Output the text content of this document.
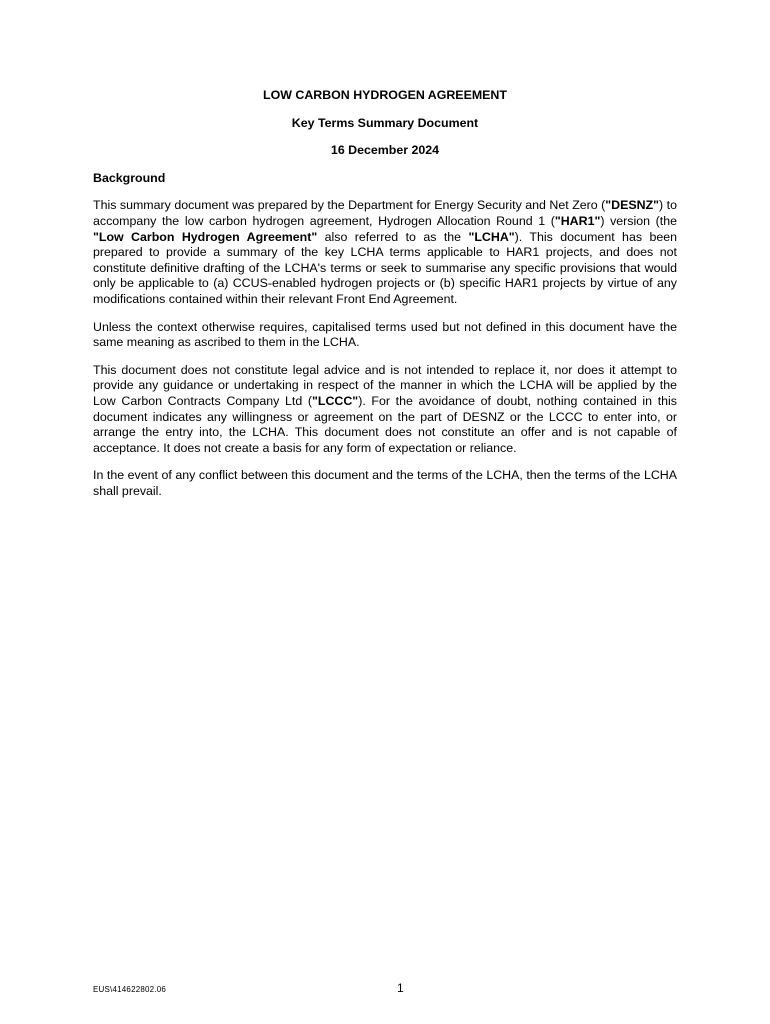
LOW CARBON HYDROGEN AGREEMENT

Key Terms Summary Document

16 December 2024

Background

This summary document was prepared by the Department for Energy Security and Net Zero ("DESNZ") to accompany the low carbon hydrogen agreement, Hydrogen Allocation Round 1 ("HAR1") version (the "Low Carbon Hydrogen Agreement" also referred to as the "LCHA"). This document has been prepared to provide a summary of the key LCHA terms applicable to HAR1 projects, and does not constitute definitive drafting of the LCHA's terms or seek to summarise any specific provisions that would only be applicable to (a) CCUS-enabled hydrogen projects or (b) specific HAR1 projects by virtue of any modifications contained within their relevant Front End Agreement.

Unless the context otherwise requires, capitalised terms used but not defined in this document have the same meaning as ascribed to them in the LCHA.

This document does not constitute legal advice and is not intended to replace it, nor does it attempt to provide any guidance or undertaking in respect of the manner in which the LCHA will be applied by the Low Carbon Contracts Company Ltd ("LCCC"). For the avoidance of doubt, nothing contained in this document indicates any willingness or agreement on the part of DESNZ or the LCCC to enter into, or arrange the entry into, the LCHA. This document does not constitute an offer and is not capable of acceptance. It does not create a basis for any form of expectation or reliance.

In the event of any conflict between this document and the terms of the LCHA, then the terms of the LCHA shall prevail.

EUS\414622802.06	1
